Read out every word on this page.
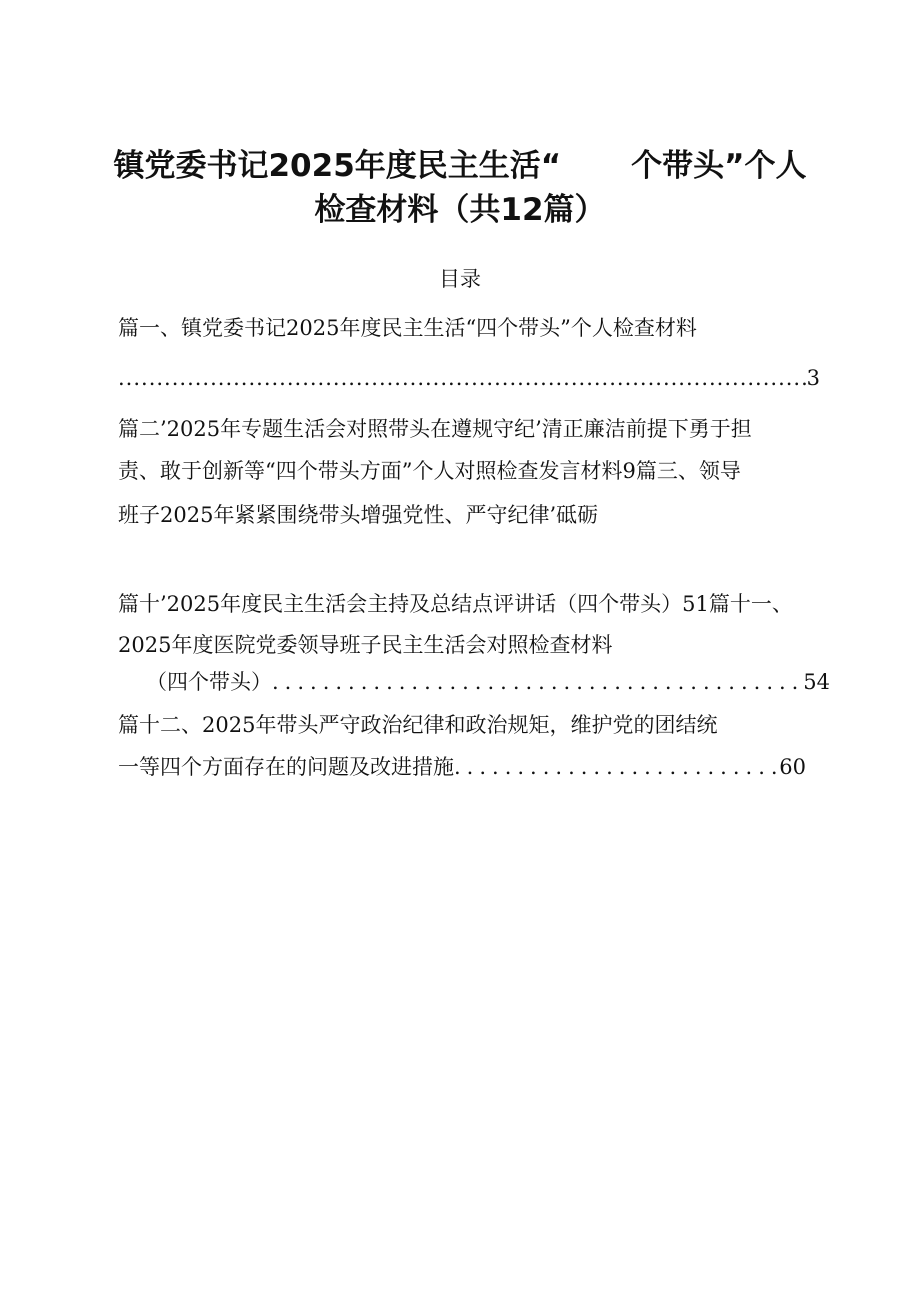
镇党委书记2025年度民主生活“ 个带头”个人
检查材料（共12篇）

目录

篇一、镇党委书记2025年度民主生活“四个带头”个人检查材料

.....
3

篇二’2025年专题生活会对照带头在遵规守纪’清正廉洁前提下勇于担

责、敢于创新等“四个带头方面”个人对照检查发言材料9篇三、领导

班子2025年紧紧围绕带头增强党性、严守纪律’砥砺

篇十’2025年度民主生活会主持及总结点评讲话（四个带头）51篇十一、

2025年度医院党委领导班子民主生活会对照检查材料

（四个带头） .....	54

篇十二、2025年带头严守政治纪律和政治规矩，维护党的团结统

一等四个方面存在的问题及改进措施 .....	60
